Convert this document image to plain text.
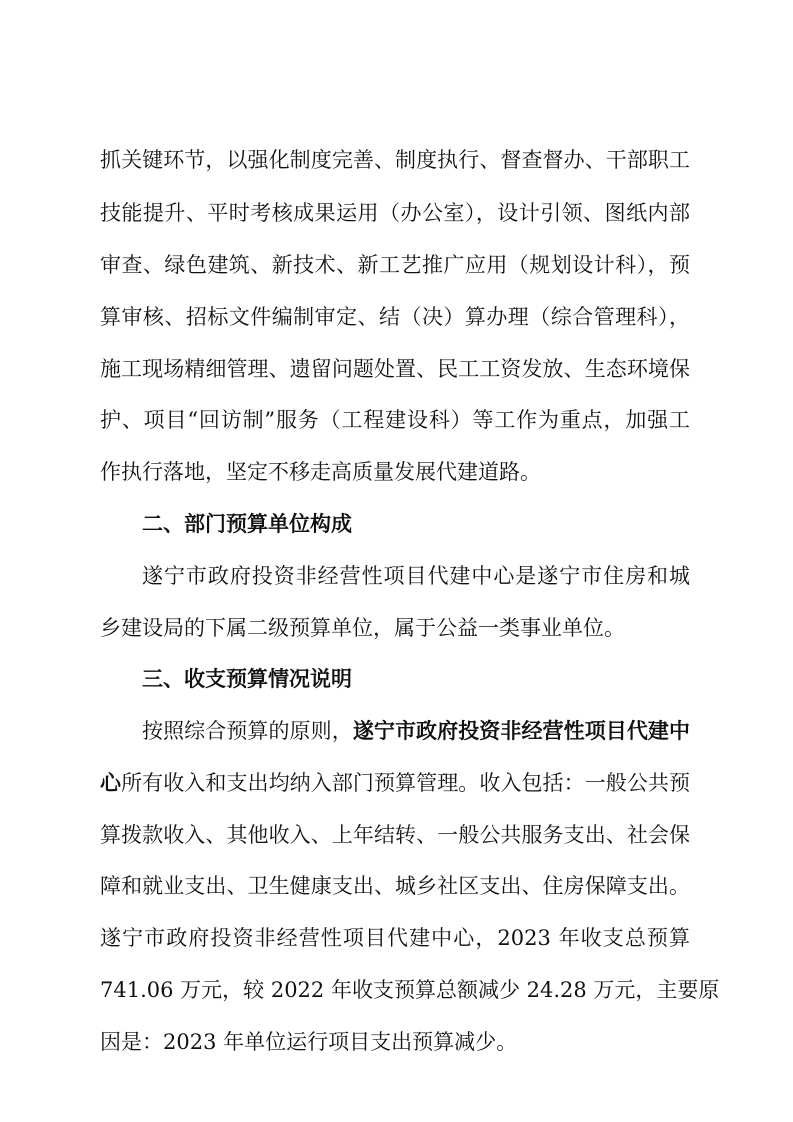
抓关键环节，以强化制度完善、制度执行、督查督办、干部职工
技能提升、平时考核成果运用（办公室），设计引领、图纸内部
审查、绿色建筑、新技术、新工艺推广应用（规划设计科），预
算审核、招标文件编制审定、结（决）算办理（综合管理科），
施工现场精细管理、遗留问题处置、民工工资发放、生态环境保
护、项目“回访制”服务（工程建设科）等工作为重点，加强工
作执行落地，坚定不移走高质量发展代建道路。
二、部门预算单位构成
遂宁市政府投资非经营性项目代建中心是遂宁市住房和城
乡建设局的下属二级预算单位，属于公益一类事业单位。
三、收支预算情况说明
按照综合预算的原则，遂宁市政府投资非经营性项目代建中
心所有收入和支出均纳入部门预算管理。收入包括：一般公共预
算拨款收入、其他收入、上年结转、一般公共服务支出、社会保
障和就业支出、卫生健康支出、城乡社区支出、住房保障支出。
遂宁市政府投资非经营性项目代建中心，2023 年收支总预算
741.06 万元，较 2022 年收支预算总额减少 24.28 万元，主要原
因是：2023 年单位运行项目支出预算减少。
